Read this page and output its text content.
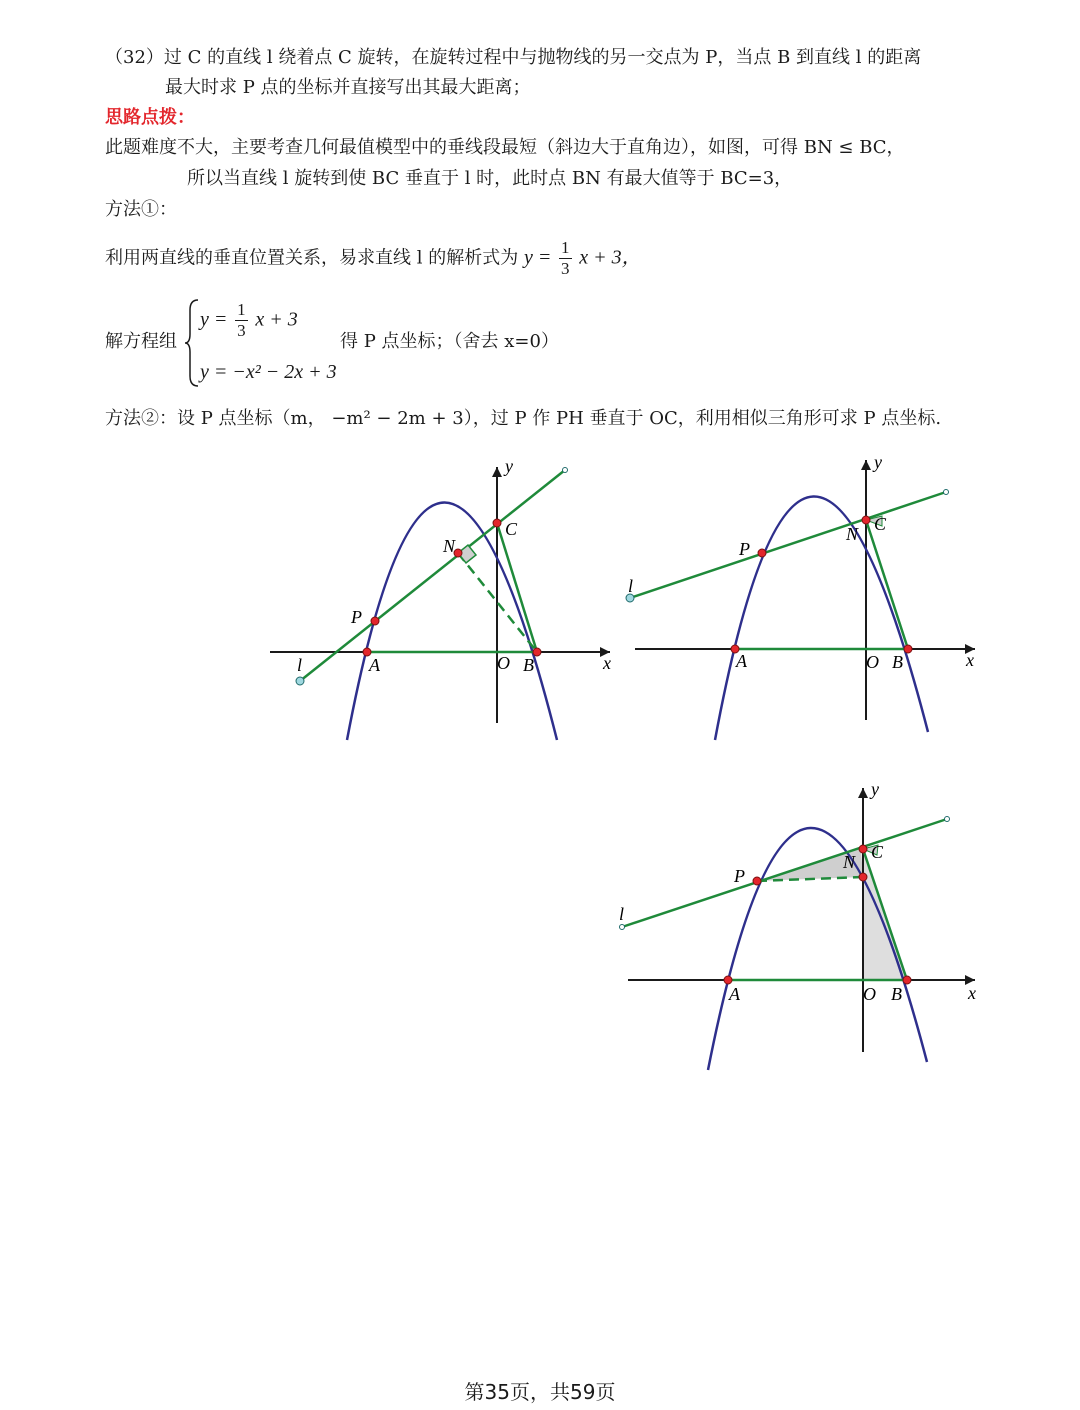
（32）过 C 的直线 l 绕着点 C 旋转，在旋转过程中与抛物线的另一交点为 P，当点 B 到直线 l 的距离
最大时求 P 点的坐标并直接写出其最大距离；
思路点拨：
此题难度不大，主要考查几何最值模型中的垂线段最短（斜边大于直角边），如图，可得 BN ≤ BC，
所以当直线 l 旋转到使 BC 垂直于 l 时，此时点 BN 有最大值等于 BC=3，
方法①：
利用两直线的垂直位置关系，易求直线 l 的解析式为 $y = \frac{1}{3}$ x + 3，
解方程组
$y = \frac{1}{3}$ x + 3
y = −x² − 2x + 3
得 P 点坐标；（舍去 x=0）
方法②：设 P 点坐标（m， −m² − 2m + 3），过 P 作 PH 垂直于 OC，利用相似三角形可求 P 点坐标.
x
y
O
A	B
C
N
P
l	x
y
O
A	B
C
N
P
l
x
y
O
A	B
C
N
P
l
第35页，共59页
